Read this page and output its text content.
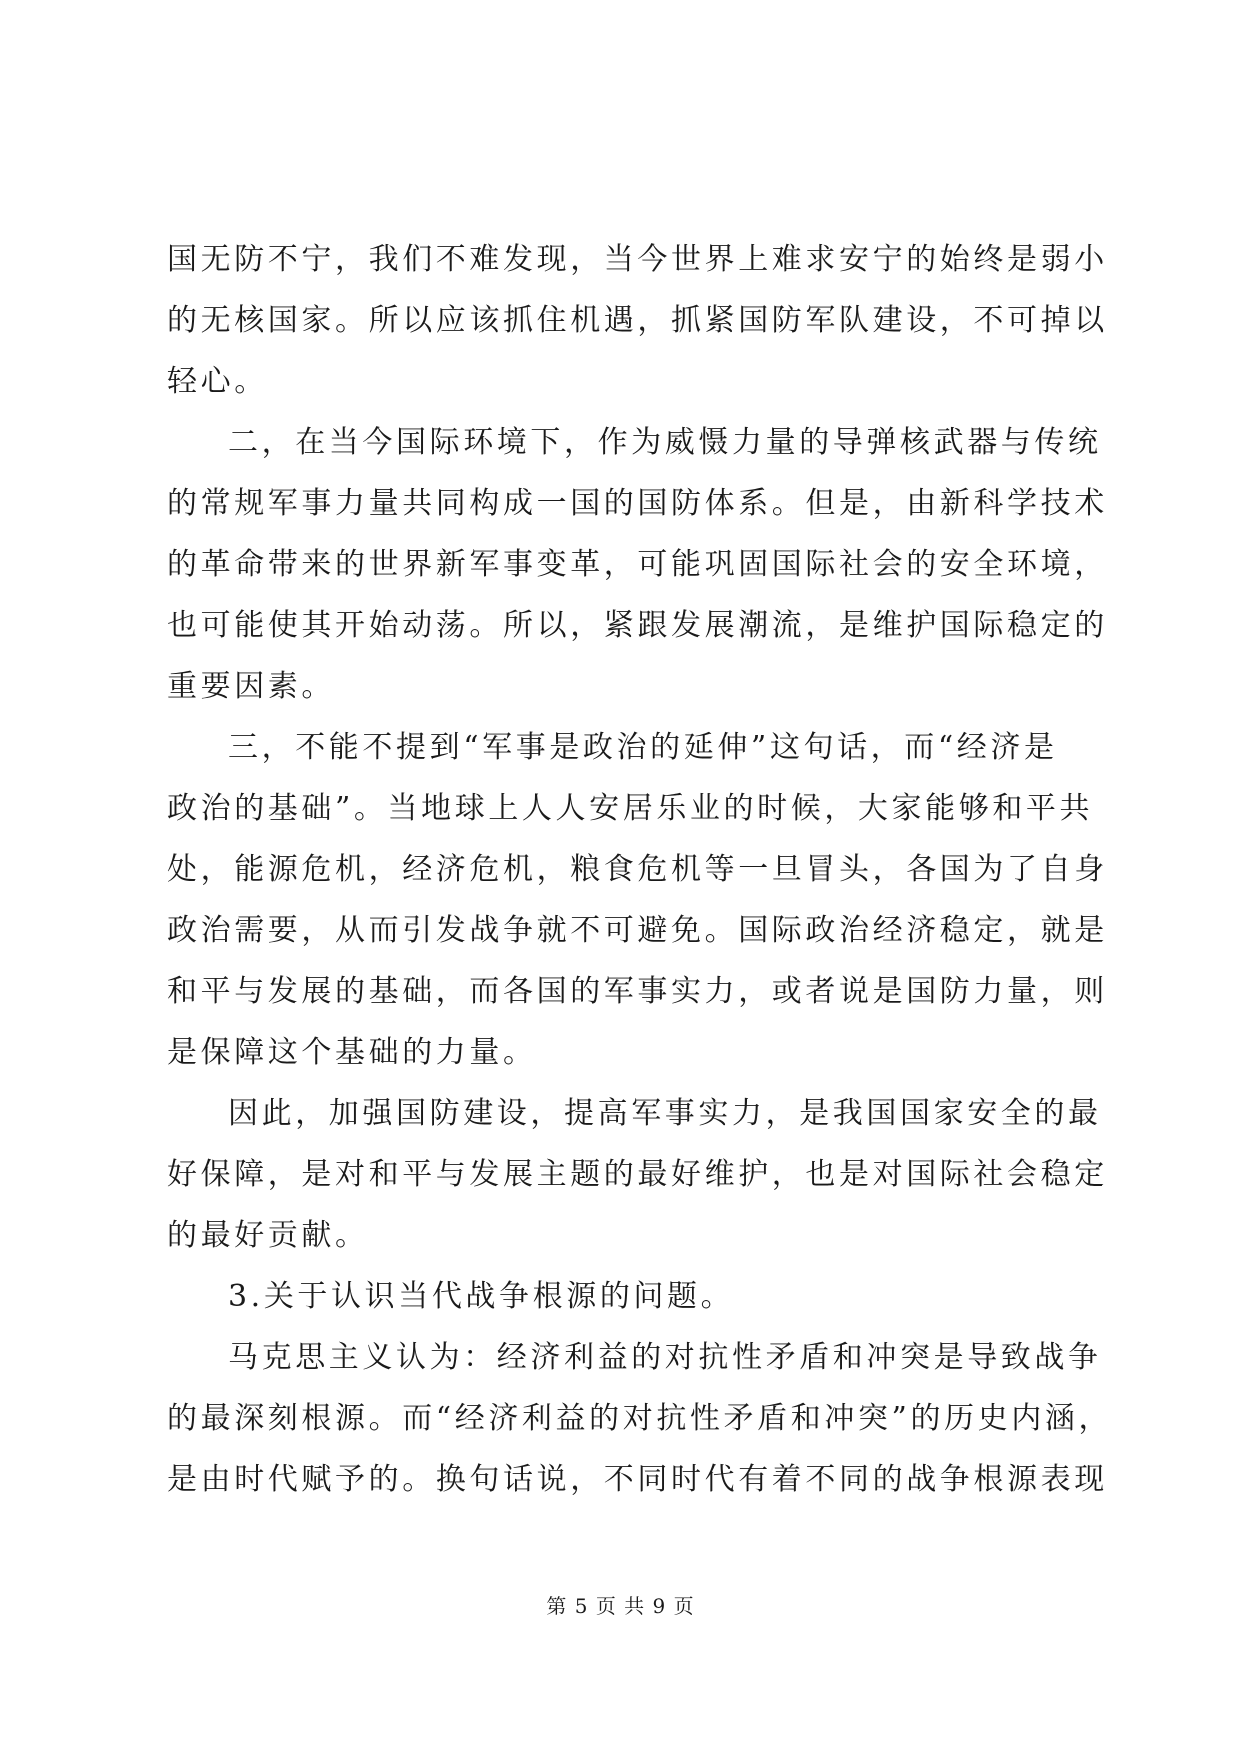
国无防不宁，我们不难发现，当今世界上难求安宁的始终是弱小
的无核国家。所以应该抓住机遇，抓紧国防军队建设，不可掉以
轻心。
二，在当今国际环境下，作为威慑力量的导弹核武器与传统
的常规军事力量共同构成一国的国防体系。但是，由新科学技术
的革命带来的世界新军事变革，可能巩固国际社会的安全环境，
也可能使其开始动荡。所以，紧跟发展潮流，是维护国际稳定的
重要因素。
三，不能不提到“军事是政治的延伸”这句话，而“经济是
政治的基础”。当地球上人人安居乐业的时候，大家能够和平共
处，能源危机，经济危机，粮食危机等一旦冒头，各国为了自身
政治需要，从而引发战争就不可避免。国际政治经济稳定，就是
和平与发展的基础，而各国的军事实力，或者说是国防力量，则
是保障这个基础的力量。
因此，加强国防建设，提高军事实力，是我国国家安全的最
好保障，是对和平与发展主题的最好维护，也是对国际社会稳定
的最好贡献。
3.关于认识当代战争根源的问题。
马克思主义认为：经济利益的对抗性矛盾和冲突是导致战争
的最深刻根源。而“经济利益的对抗性矛盾和冲突”的历史内涵，
是由时代赋予的。换句话说，不同时代有着不同的战争根源表现
第 5 页 共 9 页
